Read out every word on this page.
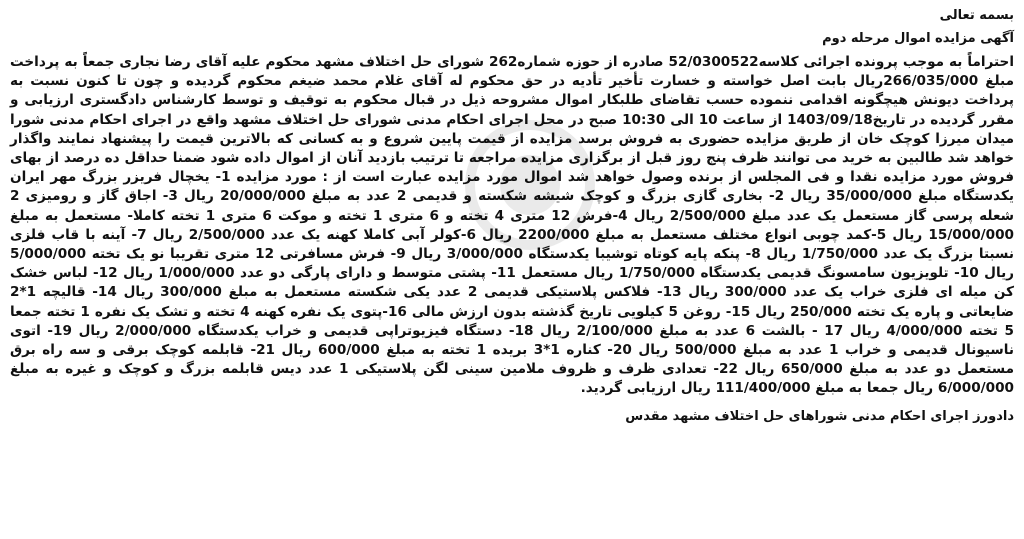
بسمه تعالی
آگهی مزایده اموال مرحله دوم

احتراماً به موجب پرونده اجرائی کلاسه52/0300522 صادره از حوزه شماره262 شورای حل اختلاف مشهد محکوم علیه آقای رضا نجاری جمعاً به پرداخت مبلغ 266/035/000ریال بابت اصل خواسته و خسارت تأخیر تأدیه در حق محکوم له آقای غلام محمد ضیغم محکوم گردیده و چون تا کنون نسبت به پرداخت دیونش هیچگونه اقدامی ننموده حسب تقاضای طلبکار اموال مشروحه ذیل در قبال محکوم به توقیف و توسط کارشناس دادگستری ارزیابی و مقرر گردیده در تاریخ1403/09/18 از ساعت 10 الی 10:30 صبح در محل اجرای احکام مدنی شورای حل اختلاف مشهد واقع در اجرای احکام مدنی شورا میدان میرزا کوچک خان از طریق مزایده حضوری به فروش برسد مزایده از قیمت پایین شروع و به کسانی که بالاترین قیمت را پیشنهاد نمایند واگذار خواهد شد طالبین به خرید می توانند ظرف پنج روز قبل از برگزاری مزایده مراجعه تا ترتیب بازدید آنان از اموال داده شود ضمنا حداقل ده درصد از بهای فروش مورد مزایده نقدا و فی المجلس از برنده وصول خواهد شد اموال مورد مزایده عبارت است از : مورد مزایده 1- یخچال فریزر بزرگ مهر ایران یکدستگاه مبلغ 35/000/000 ریال 2- بخاری گازی بزرگ و کوچک شیشه شکسته و قدیمی 2 عدد به مبلغ 20/000/000 ریال 3- اجاق گاز و رومیزی 2 شعله پرسی گاز مستعمل یک عدد مبلغ 2/500/000 ریال 4-فرش 12 متری 4 تخته و 6 متری 1 تخته و موکت 6 متری 1 تخته کاملا- مستعمل به مبلغ 15/000/000 ریال 5-کمد چوبی انواع مختلف مستعمل به مبلغ 2200/000 ریال 6-کولر آبی کاملا کهنه یک عدد 2/500/000 ریال 7- آینه با قاب فلزی نسبتا بزرگ یک عدد 1/750/000 ریال 8- پنکه پایه کوتاه توشیبا یکدستگاه 3/000/000 ریال 9- فرش مسافرتی 12 متری تقریبا نو یک تخته 5/000/000 ریال 10- تلویزیون سامسونگ قدیمی یکدستگاه 1/750/000 ریال مستعمل 11- پشتی متوسط و دارای پارگی دو عدد 1/000/000 ریال 12- لباس خشک کن میله ای فلزی خراب یک عدد 300/000 ریال 13- فلاکس پلاستیکی قدیمی 2 عدد یکی شکسته مستعمل به مبلغ 300/000 ریال 14- قالیچه 1*2 ضایعاتی و پاره یک تخته 250/000 ریال 15- روغن 5 کیلویی تاریخ گذشته بدون ارزش مالی 16-پتوی یک نفره کهنه 4 تخته و تشک یک نفره 1 تخته جمعا 5 تخته 4/000/000 ریال 17 - بالشت 6 عدد به مبلغ 2/100/000 ریال 18- دستگاه فیزیوتراپی قدیمی و خراب یکدستگاه 2/000/000 ریال 19- اتوی ناسیونال قدیمی و خراب 1 عدد به مبلغ 500/000 ریال 20- کناره 1*3 بریده 1 تخته به مبلغ 600/000 ریال 21- قابلمه کوچک برقی و سه راه برق مستعمل دو عدد به مبلغ 650/000 ریال 22- تعدادی ظرف و ظروف ملامین سینی لگن پلاستیکی 1 عدد دیس قابلمه بزرگ و کوچک و غیره به مبلغ 6/000/000 ریال جمعا به مبلغ 111/400/000 ریال ارزیابی گردید.

دادورز اجرای احکام مدنی شوراهای حل اختلاف مشهد مقدس
